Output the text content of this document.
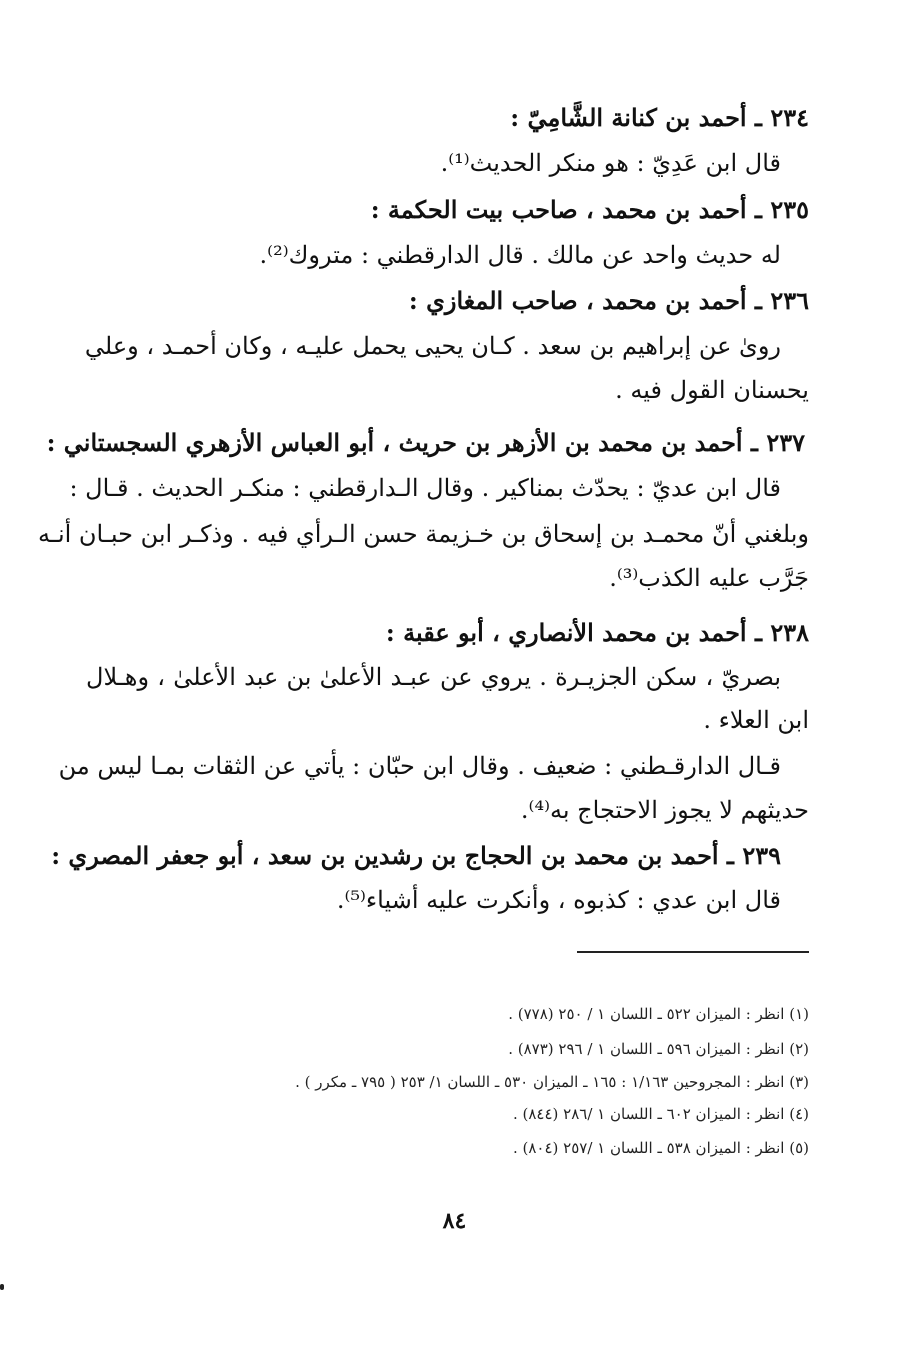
٢٣٤ ـ أحمد بن كنانة الشَّامِيّ :
قال ابن عَدِيّ : هو منكر الحديث⁽¹⁾.
٢٣٥ ـ أحمد بن محمد ، صاحب بيت الحكمة :
له حديث واحد عن مالك . قال الدارقطني : متروك⁽²⁾.
٢٣٦ ـ أحمد بن محمد ، صاحب المغازي :
رویٰ عن إبراهيم بن سعد . كـان يحيى يحمل عليـه ، وكان أحمـد ، وعلي
يحسنان القول فيه .
٢٣٧ ـ أحمد بن محمد بن الأزهر بن حريث ، أبو العباس الأزهري السجستاني :
قال ابن عديّ : يحدّث بمناكير . وقال الـدارقطني : منكـر الحديث . قـال :
وبلغني أنّ محمـد بن إسحاق بن خـزيمة حسن الـرأي فيه . وذكـر ابن حبـان أنـه
جَرَّب عليه الكذب⁽³⁾.
٢٣٨ ـ أحمد بن محمد الأنصاري ، أبو عقبة :
بصريّ ، سكن الجزيـرة . يروي عن عبـد الأعلىٰ بن عبد الأعلىٰ ، وهـلال
ابن العلاء .
قـال الدارقـطني : ضعيف . وقال ابن حبّان : يأتي عن الثقات بمـا ليس من
حديثهم لا يجوز الاحتجاج به⁽⁴⁾.
٢٣٩ ـ أحمد بن محمد بن الحجاج بن رشدين بن سعد ، أبو جعفر المصري :
قال ابن عدي : كذبوه ، وأنكرت عليه أشياء⁽⁵⁾.
(١) انظر : الميزان ٥٢٢ ـ اللسان ١ / ٢٥٠ (٧٧٨) .
(٢) انظر : الميزان ٥٩٦ ـ اللسان ١ / ٢٩٦ (٨٧٣) .
(٣) انظر : المجروحين ١/١٦٣ : ١٦٥ ـ الميزان ٥٣٠ ـ اللسان ١/ ٢٥٣ ( ٧٩٥ ـ مكرر ) .
(٤) انظر : الميزان ٦٠٢ ـ اللسان ١ /٢٨٦ (٨٤٤) .
(٥) انظر : الميزان ٥٣٨ ـ اللسان ١ /٢٥٧ (٨٠٤) .
٨٤
